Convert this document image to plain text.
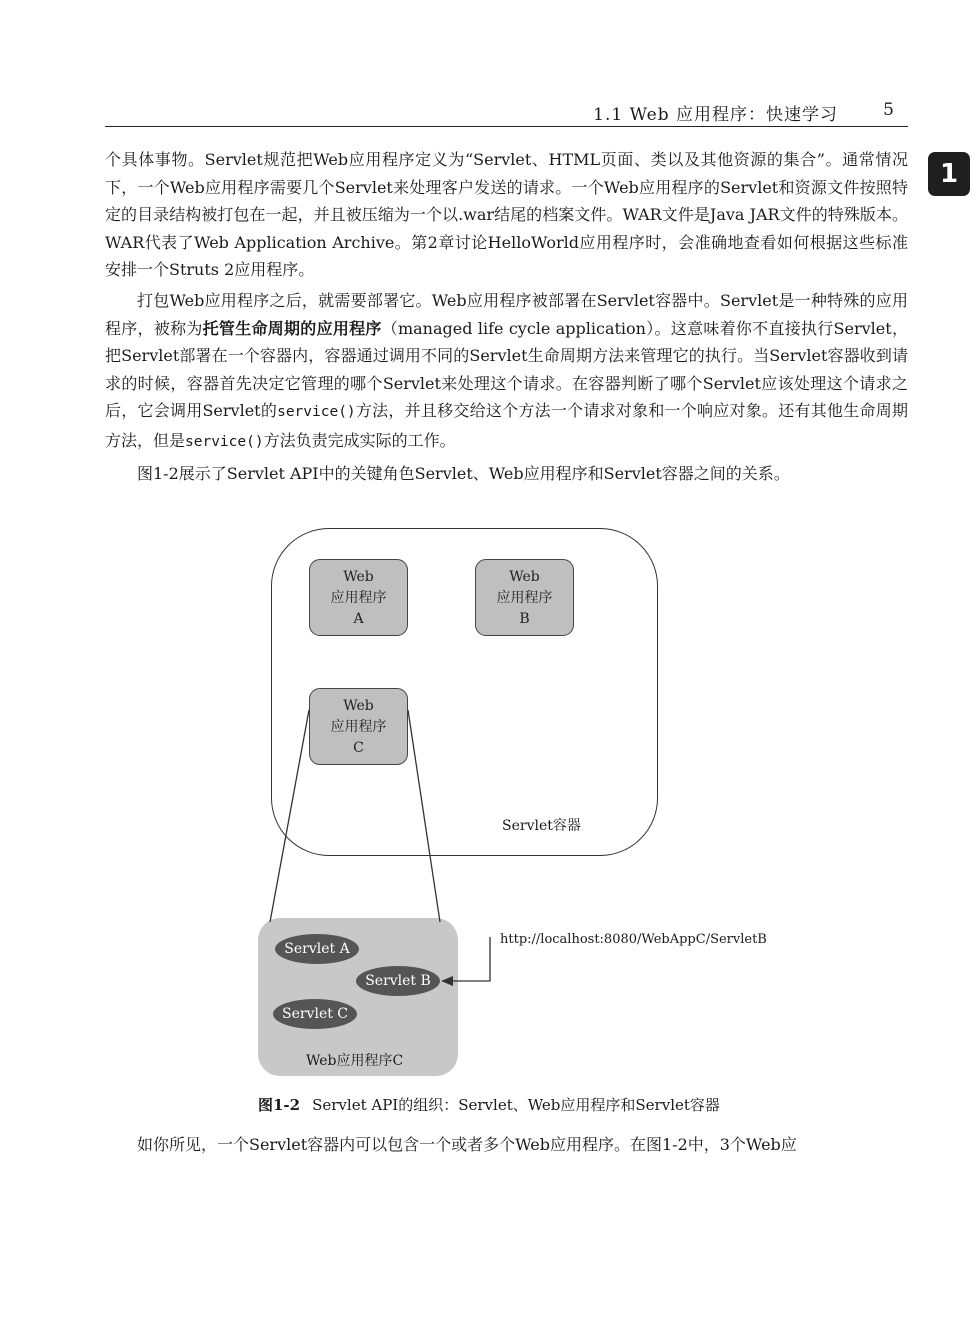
1.1 Web 应用程序：快速学习	5
1

个具体事物。Servlet规范把Web应用程序定义为“Servlet、HTML页面、类以及其他资源的集合”。通常情况下，一个Web应用程序需要几个Servlet来处理客户发送的请求。一个Web应用程序的Servlet和资源文件按照特定的目录结构被打包在一起，并且被压缩为一个以.war结尾的档案文件。WAR文件是Java JAR文件的特殊版本。WAR代表了Web Application Archive。第2章讨论HelloWorld应用程序时，会准确地查看如何根据这些标准安排一个Struts 2应用程序。

打包Web应用程序之后，就需要部署它。Web应用程序被部署在Servlet容器中。Servlet是一种特殊的应用程序，被称为托管生命周期的应用程序（managed life cycle application）。这意味着你不直接执行Servlet，把Servlet部署在一个容器内，容器通过调用不同的Servlet生命周期方法来管理它的执行。当Servlet容器收到请求的时候，容器首先决定它管理的哪个Servlet来处理这个请求。在容器判断了哪个Servlet应该处理这个请求之后，它会调用Servlet的service()方法，并且移交给这个方法一个请求对象和一个响应对象。还有其他生命周期方法，但是service()方法负责完成实际的工作。

图1-2展示了Servlet API中的关键角色Servlet、Web应用程序和Servlet容器之间的关系。

Web
应用程序
A
Web
应用程序
B
Web
应用程序
C
Servlet容器
Servlet A
Servlet B
Servlet C
Web应用程序C
http://localhost:8080/WebAppC/ServletB
图1-2 Servlet API的组织：Servlet、Web应用程序和Servlet容器

如你所见，一个Servlet容器内可以包含一个或者多个Web应用程序。在图1-2中，3个Web应
